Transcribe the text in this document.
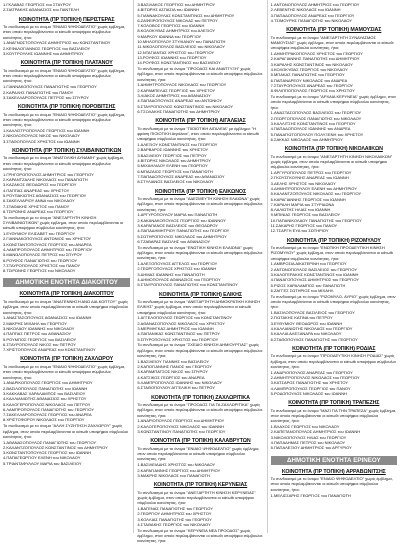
1.ΓΚΛΑΒΑΣ ΓΕΩΡΓΙΟΣ του ΣΤΑΥΡΟΥ
2.ΣΙΑΤΡΑΚΗΣ ΑΘΑΝΑΣΙΟΣ του ΠΑΝΤΕΛΗ
ΚΟΙΝΟΤΗΤΑ (ΠΡ ΤΟΠΙΚΗ) ΠΕΡΙΣΤΕΡΑΣ
Το συνδυασμό με το όνομα "ΕΝΙΑΙΟ ΨΗΦΟΔΕΛΤΙΟ" χωρίς έμβλημα, στον οποίο περιλαμβάνονται οι κάτωθι υποψήφιοι σύμβουλοι κοινότητας, ήτοι:
1.ΑΝΑΓΝΩΣΤΟΠΟΥΛΟΣ ΔΗΜΗΤΡΙΟΣ του ΚΩΝΣΤΑΝΤΙΝΟΥ
2.ΚΕΦΑΛΟΓΙΑΝΝΟΣ ΓΕΩΡΓΙΟΣ του ΒΑΣΙΛΕΙΟΥ
3.ΚΟΥΤΡΟΥΛΗΣ ΙΩΑΝΝΗΣ του ΔΗΜΗΤΡΙΟΥ
ΚΟΙΝΟΤΗΤΑ (ΠΡ ΤΟΠΙΚΗ) ΠΛΑΤΑΝΟΥ
Το συνδυασμό με το όνομα "ΕΝΙΑΙΟ ΨΗΦΟΔΕΛΤΙΟ" χωρίς έμβλημα, στον οποίο περιλαμβάνονται οι κάτωθι υποψήφιοι σύμβουλοι κοινότητας, ήτοι:
1.ΓΙΑΝΝΑΚΟΠΟΥΛΟΣ ΠΑΝΑΓΙΩΤΗΣ του ΓΕΩΡΓΙΟΥ
2.ΚΑΡΑΛΗΣ ΠΑΝΑΓΙΩΤΗΣ του ΠΑΝΟΥ
3.ΣΑΚΕΛΛΑΡΟΠΟΥΛΟΣ ΠΕΤΡΟΣ του ΣΠΥΡΟΥ
ΚΟΙΝΟΤΗΤΑ (ΠΡ ΤΟΠΙΚΗ) ΠΟΡΟΒΙΤΣΗΣ
Το συνδυασμό με το όνομα "ΕΝΙΑΙΟ ΨΗΦΟΔΕΛΤΙΟ" χωρίς έμβλημα, στον οποίο περιλαμβάνονται οι κάτωθι υποψήφιοι σύμβουλοι κοινότητας, ήτοι:
1.ΚΑΛΛΙΣΤΡΟΠΟΥΛΟΣ ΓΕΩΡΓΙΟΣ του ΙΩΑΝΝΗ
2.ΝΙΚΟΛΟΠΟΥΛΟΣ ΝΙΚΟΣ του ΝΙΚΟΛΑΟΥ
3.ΣΤΑΘΟΠΟΥΛΟΣ ΧΡΗΣΤΟΣ του ΙΩΑΝΝΗ
ΚΟΙΝΟΤΗΤΑ (ΠΡ ΤΟΠΙΚΗ) ΣΥΛΙΒΑΙΝΙΩΤΙΚΩΝ
Το συνδυασμό με το όνομα "ΑΝΑΤΟΛΙΚΗ ΔΥΝΑΜΗ" χωρίς έμβλημα, στον οποίο περιλαμβάνονται οι κάτωθι υποψήφιοι σύμβουλοι κοινότητας, ήτοι:
1.ΓΡΗΓΟΡΟΠΟΥΛΟΣ ΔΗΜΗΤΡΙΟΣ του ΓΕΩΡΓΙΟΥ
2.ΚΑΡΑΝΤΖΑΛΗΣ ΝΙΚΟΛΑΟΣ του ΠΑΝΑΓΙΩΤΗ
3.ΚΑΖΑΚΟΣ ΘΕΟΔΩΡΟΣ του ΓΕΩΡΓΙΟΥ
4.ΠΑΠΠΑΣ ΑΝΔΡΕΑΣ του ΧΡΗΣΤΟΥ
5.ΡΟΥΠΑΚΙΩΤΗΣ ΑΘΑΝΑΣΙΟΣ του ΓΕΩΡΓΙΟΥ
6.ΣΑΚΕΛΛΑΡΙΟΥ ΑΝΝΑ του ΝΙΚΟΛΑΟΥ
7.ΣΤΑΘΑΚΗΣ ΧΡΗΣΤΟΣ του ΠΑΝΟΥ
8.ΤΣΙΡΩΝΗΣ ΑΝΔΡΕΑΣ του ΓΕΩΡΓΙΟΥ
Το συνδυασμό με το όνομα "ΑΝΕΞΑΡΤΗΤΗ ΚΙΝΗΣΗ ΣΥΛΙΒΑΙΝΙΩΤΙΚΩΝ" χωρίς έμβλημα, στον οποίο περιλαμβάνονται οι κάτωθι υποψήφιοι σύμβουλοι κοινότητας, ήτοι:
1.ΕΥΘΥΜΙΟΥ ΕΛΙΣΑΒΕΤ του ΓΕΩΡΓΙΟΥ
2.ΓΙΑΝΝΑΚΟΠΟΥΛΟΣ ΑΝΤΩΝΙΟΣ του ΧΡΗΣΤΟΥ
3.ΚΩΝΣΤΑΝΤΟΠΟΥΛΟΣ ΓΕΩΡΓΙΟΣ του ΑΝΔΡΕΑ
4.ΛΑΜΠΡΟΠΟΥΛΟΣ ΔΗΜΗΤΡΙΟΣ του ΓΕΩΡΓΙΟΥ
5.ΜΑΝΩΛΟΠΟΥΛΟΣ ΠΕΤΡΟΣ του ΣΠΥΡΟΥ
6.ΡΟΥΦΟΣ ΠΑΝΑΓΙΩΤΗΣ του ΓΕΩΡΓΙΟΥ
7.ΣΤΑΥΡΟΠΟΥΛΟΣ ΧΡΗΣΤΟΣ του ΠΑΝΟΥ
8.ΤΣΙΡΩΝΗΣ ΓΕΩΡΓΙΟΣ του ΝΙΚΟΛΑΟΥ
ΔΗΜΟΤΙΚΗ ΕΝΟΤΗΤΑ ΔΙΑΚΟΠΤΟΥ
ΚΟΙΝΟΤΗΤΑ (ΠΡ ΤΟΠΙΚΗ) ΔΙΑΚΟΠΤΟΥ
Το συνδυασμό με το όνομα "ΑΝΑΓΕΝΝΗΣΗ ΑΝΩ ΔΙΑ-ΚΟΠΤΟΥ" χωρίς έμβλημα, στον οποίο περιλαμβάνονται οι κάτωθι υποψήφιοι σύμβουλοι κοινότητας, ήτοι:
1.ΑΝΑΣΤΑΣΟΠΟΥΛΟΣ ΑΘΑΝΑΣΙΟΣ του ΙΩΑΝΝΗ
2.ΜΑΚΡΗΣ ΜΙΧΑΗΛ του ΓΕΩΡΓΙΟΥ
3.ΝΙΚΟΛΑΟΥ ΙΩΑΝΝΗΣ του ΝΙΚΟΛΑΟΥ
4.ΠΑΠΠΑΣ ΠΕΤΡΟΣ του ΑΘΑΝΑΣΙΟΥ
5.ΡΟΥΜΠΟΣ ΓΕΩΡΓΙΟΣ του ΒΑΣΙΛΕΙΟΥ
6.ΣΤΑΥΡΟΠΟΥΛΟΣ ΝΙΚΟΣ του ΠΕΤΡΟΥ
7.ΧΡΙΣΤΟΠΟΥΛΟΣ ΑΝΔΡΕΑΣ του ΚΩΝΣΤΑΝΤΙΝΟΥ
ΚΟΙΝΟΤΗΤΑ (ΠΡ ΤΟΠΙΚΗ) ΖΑΧΛΩΡΟΥ
Το συνδυασμό με το όνομα "ΕΝΙΑΙΟ ΨΗΦΟΔΕΛΤΙΟ" χωρίς έμβλημα, στον οποίο περιλαμβάνονται οι κάτωθι υποψήφιοι σύμβουλοι κοινότητας, ήτοι:
1.ΑΝΔΡΙΚΟΠΟΥΛΟΣ ΓΕΩΡΓΙΟΣ του ΔΗΜΗΤΡΙΟΥ
2.ΒΑΣΙΛΟΠΟΥΛΟΣ ΠΑΝΑΓΙΩΤΗΣ του ΙΩΑΝΝΗ
3.ΚΑΚΚΑΒΑΣ ΧΑΡΑΛΑΜΠΟΣ του ΒΑΣΙΛΕΙΟΥ
4.ΚΑΛΛΙΑΝΙΩΤΗΣ ΑΘΑΝΑΣΙΟΣ του ΧΡΗΣΤΟΥ
5.ΚΑΛΟΓΕΡΟΠΟΥΛΟΣ ΝΙΚΟΛΑΟΣ του ΠΕΤΡΟΥ
6.ΛΑΜΠΡΟΠΟΥΛΟΣ ΠΑΝΑΓΙΩΤΗΣ του ΓΕΩΡΓΙΟΥ
7.ΣΑΚΕΛΛΑΡΟΠΟΥΛΟΣ ΓΕΩΡΓΙΟΣ του ΑΝΔΡΕΑ
8.ΧΡΙΣΤΟΦΟΡΟΥ ΝΙΚΟΛΑΟΣ του ΓΕΩΡΓΙΟΥ
Το συνδυασμό με το όνομα "ΑΛΛΗ ΣΥΖΗΤΗΣΗ ΖΑΧΛΩΡΟΥ" χωρίς έμβλημα, στον οποίο περιλαμβάνονται οι κάτωθι υποψήφιοι σύμβουλοι κοινότητας, ήτοι:
1.ΑΘΑΝΑΣΟΠΟΥΛΟΣ ΠΑΝΑΓΙΩΤΗΣ του ΓΕΩΡΓΙΟΥ
2.ΚΑΛΑΝΤΖΟΠΟΥΛΟΣ ΚΩΝΣΤΑΝΤΙΝΟΣ του ΔΗΜΗΤΡΙΟΥ
3.ΚΩΝΣΤΑΝΤΟΠΟΥΛΟΣ ΓΕΩΡΓΙΟΣ του ΙΩΑΝΝΗ
4.ΠΑΠΑΓΕΩΡΓΙΟΥ ΕΛΕΝΗ του ΝΙΚΟΛΑΟΥ
5.ΤΡΙΑΝΤΑΦΥΛΛΟΥ ΜΑΡΙΑ του ΒΑΣΙΛΕΙΟΥ
3.ΒΑΣΙΛΑΚΟΣ ΓΕΩΡΓΙΟΣ του ΔΗΜΗΤΡΙΟΥ
4.ΒΙΤΩΡΗΣ ΑΣΠΑΣΙΑ του ΙΩΑΝΝΗ
5.ΓΙΑΝΝΑΚΟΥΛΑΣ ΚΩΝΣΤΑΝΤΙΝΟΣ του ΔΗΜΗΤΡΙΟΥ
6.ΖΑΦΕΙΡΟΠΟΥΛΟΣ ΝΙΚΟΛΑΣ του ΠΕΤΡΟΥ
7.ΚΟΛΟΒΟΣ ΓΕΩΡΓΙΟΣ του ΙΩΑΝΝΗ
8.ΚΟΛΟΚΥΘΑΣ ΔΗΜΗΤΡΙΟΣ του ΑΛΕΞΙΟΥ
9.ΜΑΡΚΟΥ ΙΩΑΝΝΑ του ΓΕΩΡΓΙΟΥ
10.ΜΗΛΟΠΟΥΛΟΥ ΣΤΥΛΙΑΝΟΥ του ΠΑΝΑΓΙΩΤΗ
11.ΝΙΚΟΛΟΠΟΥΛΟΣ ΒΑΣΙΛΕΙΟΣ του ΝΙΚΟΛΑΟΥ
12.ΝΤΑΓΙΑΝΤΑΣ ΧΡΗΣΤΟΣ του ΓΕΩΡΓΙΟΥ
13.ΡΟΥΦΟΣ ΙΩΑΝΝΗΣ του ΓΕΩΡΓΙΟΥ
14.ΡΟΥΦΟΣ ΚΩΝΣΤΑΝΤΙΝΟΣ του ΒΑΣΙΛΕΙΟΥ
Το συνδυασμό με το όνομα "ΠΡΟΟΔΟΣ ΚΑΙ ΑΝΑΠΤΥΞΗ" χωρίς έμβλημα, στον οποίο περιλαμβάνονται οι κάτωθι υποψήφιοι σύμβουλοι κοινότητας, ήτοι:
1.ΔΗΜΗΤΡΟΠΟΥΛΟΣ ΝΙΚΟΛΑΟΣ του ΓΕΩΡΓΙΟΥ
2.ΚΑΡΑΜΠΕΛΑΣ ΓΕΩΡΓΙΟΣ του ΧΡΗΣΤΟΥ
3.ΛΙΑΚΟΣ ΔΗΜΗΤΡΙΟΣ του ΑΘΑΝΑΣΙΟΥ
4.ΠΑΠΑΔΟΠΟΥΛΟΣ ΑΝΔΡΕΑΣ του ΑΝΤΩΝΙΟΥ
5.ΣΤΑΥΡΟΠΟΥΛΟΣ ΚΩΝΣΤΑΝΤΙΝΟΣ του ΝΙΚΟΛΑΟΥ
6.ΤΣΟΛΑΚΗΣ ΠΑΝΑΓΙΩΤΗΣ του ΔΗΜΗΤΡΙΟΥ
ΚΟΙΝΟΤΗΤΑ (ΠΡ ΤΟΠΙΚΗ) ΑΙΓΑΛΕΙΑΣ
Το συνδυασμό με το όνομα "ΠΙΟΙΟΤΙΚΗ ΑΙΓΑΛΕΙΑ" με έμβλημα: "Η φράση ΠΙΟΙΟΤΙΚΗ Αιγιάλεια", στον οποίο περιλαμβάνονται οι κάτωθι υποψήφιοι σύμβουλοι κοινότητας, ήτοι:
1.ΑΛΕΞΙΟΥ ΚΩΝΣΤΑΝΤΙΝΟΣ του ΓΕΩΡΓΙΟΥ
2.ΒΑΡΒΑΡΟΣ ΙΩΑΝΝΗΣ του ΧΡΗΣΤΟΥ
3.ΒΑΣΙΛΕΙΟΥ ΓΕΩΡΓΙΟΣ του ΠΕΤΡΟΥ
4.ΒΙΤΩΡΗΣ ΝΙΚΟΛΑΟΣ του ΔΗΜΗΤΡΙΟΥ
5.ΜΙΧΑΗΛΙΔΟΥ ΕΛΕΝΗ του ΓΕΩΡΓΙΟΥ
6.ΜΠΑΖΑΙΟΣ ΓΕΩΡΓΙΟΣ του ΠΑΝΑΓΙΩΤΗ
7.ΠΑΠΑΔΟΠΟΥΛΟΣ ΑΝΔΡΕΑΣ του ΑΘΑΝΑΣΙΟΥ
8.ΣΤΥΛΙΑΝΟΣ ΒΑΣΙΛΕΙΟΣ του ΝΙΚΟΛΑΟΥ
ΚΟΙΝΟΤΗΤΑ (ΠΡ ΤΟΠΙΚΗ) ΕΛΙΚΩΝΟΣ
Το συνδυασμό με το όνομα "ΑΔΕΣΜΕΥΤΗ ΚΙΝΗΣΗ ΕΛΑΙΩΝΑ" χωρίς έμβλημα, στον οποίο περιλαμβάνονται οι κάτωθι υποψήφιοι σύμβουλοι κοινότητας, ήτοι:
1.ΑΡΓΥΡΟΠΟΥΛΟΥ ΜΑΡΙΑ του ΠΑΝΑΓΙΩΤΗ
2.ΚΑΚΑΝΑΚΟΠΟΥΛΟΣ ΓΕΩΡΓΙΟΣ του ΙΩΑΝΝΟΥ
3.ΚΑΡΑΠΑΝΟΣ ΒΑΣΙΛΕΙΟΣ του ΘΕΟΔΩΡΟΥ
4.ΠΑΠΑΔΗΜΗΤΡΙΟΥ ΠΑΝΑΓΙΩΤΗΣ του ΓΕΩΡΓΙΟΥ
5.ΣΩΤΗΡΟΠΟΥΛΟΣ ΝΙΚΟΛΑΟΣ του ΔΗΜΗΤΡΙΟΥ
6.ΤΖΑΒΑΡΑΣ ΒΑΣΙΛΗΣ του ΑΘΑΝΑΣΙΟΥ
Το συνδυασμό με το όνομα "ΕΝΩΤΙΚΗ ΚΙΝΗΣΗ ΕΛΑΙΩΝΑ" χωρίς έμβλημα, στον οποίο περιλαμβάνονται οι κάτωθι υποψήφιοι σύμβουλοι κοινότητας, ήτοι:
1.ΑΛΕΞΟΠΟΥΛΟΣ ΑΓΓΕΛΟΣ του ΓΕΩΡΓΙΟΥ
2.ΓΕΩΡΓΟΠΟΥΛΟΣ ΧΡΗΣΤΟΣ του ΙΩΑΝΝΗ
3.ΔΗΜΑΣ ΙΩΑΝΝΗΣ του ΠΑΝΑΓΙΩΤΗ
4.ΔΗΜΟΠΟΥΛΟΣ ΑΘΑΝΑΣΙΟΣ του ΓΕΩΡΓΙΟΥ
5.ΣΤΑΥΡΟΠΟΥΛΟΣ ΠΑΝΑΓΙΩΤΗΣ του ΚΩΝΣΤΑΝΤΙΝΟΥ
ΚΟΙΝΟΤΗΤΑ (ΠΡ ΤΟΠΙΚΗ) ΕΛΙΚΗΣ
Το συνδυασμό με το όνομα "ΑΝΕΞΑΡΤΗΤΗ ΔΗΜΟΚΡΑΤΙΚΗ ΚΙΝΗΣΗ ΕΛΙΚΗΣ" χωρίς έμβλημα, στον οποίο περιλαμβάνονται οι κάτωθι υποψήφιοι σύμβουλοι κοινότητας, ήτοι:
1.ΑΓΓΕΛΟΠΟΥΛΟΣ ΓΕΩΡΓΙΟΣ του ΚΩΝΣΤΑΝΤΙΝΟΥ
2.ΑΘΑΝΑΣΟΠΟΥΛΟΣ ΝΙΚΟΛΑΟΣ του ΧΡΗΣΤΟΥ
3.ΜΕΡΜΗΓΚΑΣ ΔΗΜΗΤΡΙΟΣ του ΙΩΑΝΝΗ
4.ΠΑΠΑΝΙΚΑΣ ΚΩΝΣΤΑΝΤΙΝΟΣ του ΠΕΤΡΟΥ
5.ΣΠΥΡΟΠΟΥΛΟΣ ΧΡΗΣΤΟΣ του ΓΕΩΡΓΙΟΥ
Το συνδυασμό με το όνομα "ΣΧΕΔΙΟ ΚΙΝΗΣΗ ΔΗΜΙΟΥΡΓΙΑΣ" χωρίς έμβλημα, στον οποίο περιλαμβάνονται οι κάτωθι υποψήφιοι σύμβουλοι κοινότητας, ήτοι:
1.ΒΑΣΙΛΕΙΟΥ ΓΙΑΝΝΗΣ του ΒΑΣΙΛΕΙΟΥ
2.ΚΑΠΟΓΙΑΝΝΗΣ ΠΑΝΟΣ του ΓΕΩΡΓΙΟΥ
3.ΚΑΡΑΜΠΑΤΣΟΣ ΝΙΚΟΣ του ΣΠΥΡΟΥ
4.ΚΑΤΣΙΚΟΣ ΓΕΩΡΓΙΟΣ του ΑΝΔΡΕΑ
5.ΛΑΜΠΡΟΠΟΥΛΟΣ ΙΩΑΝΝΗΣ του ΝΙΚΟΛΑΟΥ
6.ΣΤΑΘΟΠΟΥΛΟΥ ΑΓΓΕΛΙΚΗ του ΠΕΤΡΟΥ
ΚΟΙΝΟΤΗΤΑ (ΠΡ ΤΟΠΙΚΗ) ΖΑΧΛΩΡΙΤΙΚΑ
Το συνδυασμό με το όνομα "ΠΡΟΟΔΟΣ ΓΙΑ ΤΑ ΖΑΧΛΩΡΙΤΙΚΑ" χωρίς έμβλημα, στον οποίο περιλαμβάνονται οι κάτωθι υποψήφιοι σύμβουλοι κοινότητας, ήτοι:
1.ΑΝΔΡΙΟΠΟΥΛΟΣ ΓΕΩΡΓΙΟΣ του ΔΗΜΗΤΡΙΟΥ
2.ΚΑΛΟΓΕΡΟΠΟΥΛΟΣ ΝΙΚΟΛΑΟΣ του ΙΩΑΝΝΗ
3.ΚΩΝΣΤΑΝΤΙΝΟΥ ΠΑΝΑΓΙΩΤΗΣ του ΓΕΩΡΓΙΟΥ
ΚΟΙΝΟΤΗΤΑ (ΠΡ ΤΟΠΙΚΗ) ΚΑΛΑΒΡΥΤΩΝ
Το συνδυασμό με το όνομα "ΕΝΙΑΙΟ ΨΗΦΟΔΕΛΤΙΟ" χωρίς έμβλημα, στον οποίο περιλαμβάνονται οι κάτωθι υποψήφιοι σύμβουλοι κοινότητας, ήτοι:
1.ΒΑΣΙΛΕΙΑΔΗΣ ΧΡΗΣΤΟΣ του ΝΙΚΟΛΑΟΥ
2.ΚΑΡΑΓΙΑΝΝΗΣ ΓΕΩΡΓΙΟΣ του ΔΗΜΗΤΡΙΟΥ
3.ΜΑΚΡΗΣ ΝΙΚΟΛΑΟΣ του ΠΑΝΑΓΙΩΤΗ
ΚΟΙΝΟΤΗΤΑ (ΠΡ ΤΟΠΙΚΗ) ΚΕΡΥΝΕΙΑΣ
Το συνδυασμό με το όνομα "ΑΝΕΞΑΡΤΗΤΗ ΚΙΝΗΣΗ ΚΕΡΥΝΕΙΑΣ" χωρίς έμβλημα, στον οποίο περιλαμβάνονται οι κάτωθι υποψήφιοι σύμβουλοι κοινότητας, ήτοι:
1.ΒΑΓΕΝΑΣ ΠΑΝΑΓΙΩΤΗΣ του ΓΕΩΡΓΙΟΥ
2.ΓΕΩΡΓΙΟΥ ΔΗΜΗΤΡΙΟΣ του ΧΡΗΣΤΟΥ
3.ΚΟΛΛΙΑΣ ΠΑΝΑΓΙΩΤΗΣ του ΓΕΩΡΓΙΟΥ
4.ΣΤΑΘΑΚΗΣ ΓΕΩΡΓΙΟΣ του ΝΙΚΟΛΑΟΥ
Το συνδυασμό με το όνομα "ΚΕΡΥΝΕΙΑ ΝΕΑ ΠΡΟΟΔΟΣ" χωρίς έμβλημα, στον οποίο περιλαμβάνονται οι κάτωθι υποψήφιοι σύμβουλοι κοινότητας, ήτοι:
1.ΑΝΤΩΝΟΠΟΥΛΟΣ ΔΗΜΗΤΡΙΟΣ του ΓΕΩΡΓΙΟΥ
2.ΛΕΒΕΝΤΗΣ ΝΙΚΟΛΑΟΣ του ΙΩΑΝΝΗ
3.ΠΑΠΑΔΟΠΟΥΛΟΣ ΑΝΔΡΕΑΣ του ΓΕΩΡΓΙΟΥ
4.ΤΣΙΜΟΥΡΗΣ ΠΑΝΑΓΙΩΤΗΣ του ΝΙΚΟΛΑΟΥ
ΚΟΙΝΟΤΗΤΑ (ΠΡ ΤΟΠΙΚΗ) ΜΑΜΟΥΣΙΑΣ
Το συνδυασμό με το όνομα "ΑΝΕΞΑΡΤΗΤΗ ΣΥΝΔΥΑΣΜΟΣ ΜΑΜΟΥΣΙΑΣ" χωρίς έμβλημα, στον οποίο περιλαμβάνονται οι κάτωθι υποψήφιοι σύμβουλοι κοινότητας, ήτοι:
1.ΔΗΜΗΤΡΑΚΟΠΟΥΛΟΣ ΧΡΗΣΤΟΣ του ΓΕΩΡΓΙΟΥ
2.ΚΑΡΑΓΙΑΝΝΗΣ ΠΑΝΑΓΙΩΤΗΣ του ΔΗΜΗΤΡΙΟΥ
3.ΚΑΡΑΛΗΣ ΚΩΝΣΤΑΝΤΙΝΟΣ του ΝΙΚΟΛΑΟΥ
4.ΚΟΛΟΚΥΘΑΣ ΓΕΩΡΓΙΟΣ του ΝΙΚΟΛΑΟΥ
5.ΜΠΑΚΑΣ ΠΑΝΑΓΙΩΤΗΣ του ΓΕΩΡΓΙΟΥ
6.ΠΑΠΑΝΔΡΕΟΥ ΝΙΚΟΛΑΟΣ του ΑΝΔΡΕΑ
7.ΣΤΑΥΡΟΠΟΥΛΟΣ ΑΝΔΡΕΑΣ του ΓΕΩΡΓΙΟΥ
8.ΦΙΛΙΠΠΟΠΟΥΛΟΣ ΓΕΩΡΓΙΟΣ του ΧΡΗΣΤΟΥ
Το συνδυασμό με το όνομα "ΑΡΧΑΙΑ ΚΕΡΥΝΕΙΑ" χωρίς έμβλημα, στον οποίο περιλαμβάνονται οι κάτωθι υποψήφιοι σύμβουλοι κοινότητας, ήτοι:
1.ΑΝΑΣΤΑΣΟΠΟΥΛΟΣ ΒΑΣΙΛΕΙΟΣ του ΓΕΩΡΓΙΟΥ
2.ΓΕΩΡΓΟΠΟΥΛΟΣ ΠΑΝΑΓΙΩΤΗΣ του ΝΙΚΟΛΑΟΥ
3.ΚΑΛΛΙΤΣΗΣ ΚΩΝΣΤΑΝΤΙΝΟΣ του ΓΕΩΡΓΙΟΥ
4.ΠΑΠΑΔΟΠΟΥΛΟΣ ΙΩΑΝΝΗΣ του ΑΝΔΡΕΑ
5.ΠΑΝΑΓΙΩΤΟΠΟΥΛΟΥ ΠΟΛΥΞΕΝΗ του ΧΡΗΣΤΟΥ
6.ΣΑΚΚΑΣ ΝΙΚΟΛΑΟΣ του ΔΗΜΗΤΡΙΟΥ
ΚΟΙΝΟΤΗΤΑ (ΠΡ ΤΟΠΙΚΗ) ΝΙΚΟΛΑΙΙΚΩΝ
Το συνδυασμό με το όνομα "ΑΝΕΞΑΡΤΗΤΗ ΚΙΝΗΣΗ ΝΙΚΟΛΑΙΙΚΩΝ" χωρίς έμβλημα, στον οποίο περιλαμβάνονται οι κάτωθι υποψήφιοι σύμβουλοι κοινότητας, ήτοι:
1.ΑΡΓΥΡΟΠΟΥΛΟΣ ΠΕΤΡΟΣ του ΓΕΩΡΓΙΟΥ
2.ΓΚΟΥΣΓΚΟΥΝΗΣ ΑΝΔΡΕΑΣ του ΙΩΑΝΝΗ
3.ΔΕΛΗΣ ΧΡΗΣΤΟΣ του ΝΙΚΟΛΑΟΥ
4.ΔΗΜΗΤΡΟΠΟΥΛΟΥ ΕΛΕΝΗ του ΔΗΜΗΤΡΙΟΥ
5.ΚΑΛΑΝΤΖΟΠΟΥΛΟΣ ΝΙΚΟΛΑΟΣ του ΓΕΩΡΓΙΟΥ
6.ΚΑΡΑΓΙΑΝΝΗΣ ΓΕΩΡΓΙΟΣ του ΙΩΑΝΝΗ
7.ΚΑΡΑΛΗ ΜΑΡΙΑ του ΣΤΥΡΙΔΩΝΑ
8.ΛΑΛΙΩΤΗΣ ΗΛΙΑΣ του ΙΩΑΝΝΗ
9.ΜΠΙΝΙΑΣ ΓΕΩΡΓΙΟΣ του ΒΑΣΙΛΕΙΟΥ
10.ΠΑΠΑΝΙΚΟΛΑΟΥ ΠΑΝΑΓΙΩΤΗΣ του ΓΕΩΡΓΙΟΥ
11.ΣΑΚΑΡΗΣ ΓΕΩΡΓΙΟΣ του ΠΑΝΟΥ
12.ΤΣΑΡΓΗ ΕΥΑ του ΣΩΤΗΡΙΟΥ
ΚΟΙΝΟΤΗΤΑ (ΠΡ ΤΟΠΙΚΗ) ΡΙΖΟΜΥΛΟΥ
Το συνδυασμό με το όνομα "ΕΝΩΤΙΚΗ ΠΡΟΟΔΕΥΤΙΚΗ ΚΙΝΗΣΗ ΡΙΖΟΜΥΛΟΥ" χωρίς έμβλημα, στον οποίο περιλαμβάνονται οι κάτωθι υποψήφιοι σύμβουλοι κοινότητας, ήτοι:
1.ΑΜΒΡΟΣΙΑ ΑΙΚΑΤΕΡΙΝΗ του ΓΕΩΡΓΙΟΥ
2.ΑΝΤΩΝΟΠΟΥΛΟΣ ΒΑΣΙΛΕΙΟΣ του ΓΕΩΡΓΙΟΥ
3.ΚΑΛΟΓΕΡΑΚΗΣ ΚΩΝΣΤΑΝΤΙΝΟΣ του ΙΩΑΝΝΗ
4.ΠΑΝΑΓΟΠΟΥΛΟΣ ΔΗΜΗΤΡΙΟΣ του ΓΕΩΡΓΙΟΥ
5.ΡΙΖΟΣ ΧΑΡΑΛΑΜΠΟΣ του ΠΑΝΑΓΙΩΤΗ
6.ΖΑΓΓΕΣ ΣΩΤΗΡΙΟΣ του ΜΙΧΑΗΛ
Το συνδυασμό με το όνομα "ΡΙΖΟΜΥΛΟ- ΑΥΡΙΟ" χωρίς έμβλημα, στον οποίο περιλαμβάνονται οι κάτωθι υποψήφιοι σύμβουλοι κοινότητας, ήτοι:
1.ΒΑΣΙΛΟΠΟΥΛΟΣ ΒΑΣΙΛΕΙΟΣ του ΓΕΩΡΓΙΟΥ
2.ΓΙΩΤΑΚΗΣ ΚΑΤΙΝΑ του ΠΕΤΡΟΥ
3.ΕΥΘΥΜΙΟΥ ΘΕΟΔΩΡΟΣ του ΙΩΑΝΝΗ
4.ΚΑΛΛΙΑΝΙΩΤΗΣ ΝΙΚΟΛΑΟΣ του ΓΕΩΡΓΙΟΥ
5.ΚΑΛΛΙΑ ΑΛΕΞΑΝΔΡΑ του ΝΙΚΟΛΑΟΥ
6.ΣΤΑΘΟΠΟΥΛΟΣ ΠΑΝΑΓΙΩΤΗΣ του ΓΕΩΡΓΙΟΥ
ΚΟΙΝΟΤΗΤΑ (ΠΡ ΤΟΠΙΚΗ) ΡΟΔΙΑΣ
Το συνδυασμό με το όνομα "ΠΡΟΟΔΕΥΤΙΚΗ ΚΙΝΗΣΗ ΡΟΔΙΑΣ" χωρίς έμβλημα, στον οποίο περιλαμβάνονται οι κάτωθι υποψήφιοι σύμβουλοι κοινότητας, ήτοι:
1.ΑΝΔΡΙΟΠΟΥΛΟΣ ΑΝΔΡΕΑΣ του ΓΕΩΡΓΙΟΥ
2.ΔΗΜΗΤΡΟΠΟΥΛΟΣ ΝΙΚΟΛΑΟΣ του ΓΕΩΡΓΙΟΥ
3.ΚΑΤΣΑΡΟΣ ΠΑΝΑΓΙΩΤΗΣ του ΧΡΗΣΤΟΥ
4.ΛΑΜΠΡΟΠΟΥΛΟΣ ΓΕΩΡΓΙΟΣ του ΠΑΝΟΥ
5.ΡΟΔΟΠΟΥΛΟΣ ΝΙΚΟΛΑΟΣ του ΙΩΑΝΝΗ
ΚΟΙΝΟΤΗΤΑ (ΠΡ ΤΟΠΙΚΗ) ΤΡΑΠΕΖΗΣ
Το συνδυασμό με το όνομα "ΜΑΖΙ ΓΙΑ ΤΗΝ ΤΡΑΠΕΖΑ" χωρίς έμβλημα, στον οποίο περιλαμβάνονται οι κάτωθι υποψήφιοι σύμβουλοι κοινότητας, ήτοι:
1.ΒΛΑΧΟΣ ΓΕΩΡΓΙΟΣ του ΝΙΚΟΛΑΟΥ
2.ΚΑΠΕΤΑΝΟΠΟΥΛΟΣ ΔΗΜΗΤΡΙΟΣ του ΙΩΑΝΝΗ
3.ΝΙΚΟΛΟΠΟΥΛΟΣ ΗΛΙΑΣ του ΓΕΩΡΓΙΟΥ
4.ΠΑΠΑΔΗΜΑΣ ΠΕΤΡΟΣ του ΝΙΚΟΛΑΟΥ
5.ΠΑΠΑΛΕΞΙΟΥ ΔΗΜΗΤΡΙΟΣ του ΑΡΓΥΡΙΟΥ
ΔΗΜΟΤΙΚΗ ΕΝΟΤΗΤΑ ΕΡΙΝΕΟΥ
ΚΟΙΝΟΤΗΤΑ (ΠΡ ΤΟΠΙΚΗ) ΑΡΡΑΒΩΝΙΤΣΗΣ
Το συνδυασμό με το όνομα "ΕΝΙΑΙΟ ΨΗΦΟΔΕΛΤΙΟ" χωρίς έμβλημα, στον οποίο περιλαμβάνονται οι κάτωθι υποψήφιοι σύμβουλοι κοινότητας, ήτοι:
1.ΜΕΛΙΣΣΑΡΗΣ ΓΕΩΡΓΙΟΣ του ΠΑΝΑΓΙΩΤΗ
